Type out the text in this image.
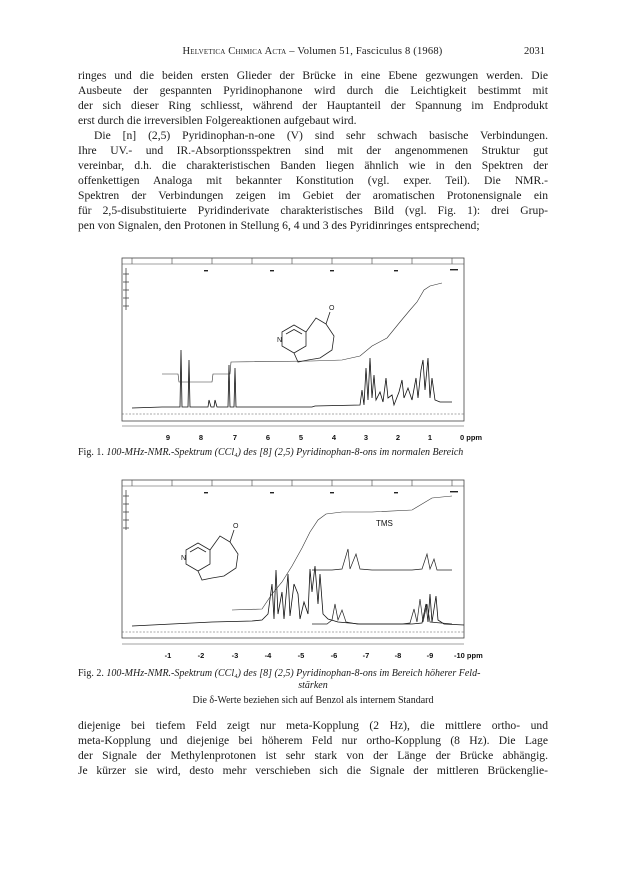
Helvetica Chimica Acta – Volumen 51, Fasciculus 8 (1968)	2031
ringes und die beiden ersten Glieder der Brücke in eine Ebene gezwungen werden. Die
Ausbeute der gespannten Pyridinophanone wird durch die Leichtigkeit bestimmt mit
der sich dieser Ring schliesst, während der Hauptanteil der Spannung im Endprodukt
erst durch die irreversiblen Folgereaktionen aufgebaut wird.
Die [n] (2,5) Pyridinophan-n-one (V) sind sehr schwach basische Verbindungen.
Ihre UV.- und IR.-Absorptionsspektren sind mit der angenommenen Struktur gut
vereinbar, d.h. die charakteristischen Banden liegen ähnlich wie in den Spektren der
offenkettigen Analoga mit bekannter Konstitution (vgl. exper. Teil). Die NMR.-
Spektren der Verbindungen zeigen im Gebiet der aromatischen Protonensignale ein
für 2,5-disubstituierte Pyridinderivate charakteristisches Bild (vgl. Fig. 1): drei Grup-
pen von Signalen, den Protonen in Stellung 6, 4 und 3 des Pyridinringes entsprechend;
N
O
9	8	7	6	5	4	3	2	1	0 ppm
Fig. 1. 100-MHz-NMR.-Spektrum (CCl₄) des [8] (2,5) Pyridinophan-8-ons im normalen Bereich
TMS
N
O
-1	-2	-3	-4	-5	-6	-7	-8	-9	-10 ppm
Fig. 2. 100-MHz-NMR.-Spektrum (CCl₄) des [8] (2,5) Pyridinophan-8-ons im Bereich höherer Feld-
stärken
Die δ-Werte beziehen sich auf Benzol als internem Standard
diejenige bei tiefem Feld zeigt nur meta-Kopplung (2 Hz), die mittlere ortho- und
meta-Kopplung und diejenige bei höherem Feld nur ortho-Kopplung (8 Hz). Die Lage
der Signale der Methylenprotonen ist sehr stark von der Länge der Brücke abhängig.
Je kürzer sie wird, desto mehr verschieben sich die Signale der mittleren Brückenglie-
